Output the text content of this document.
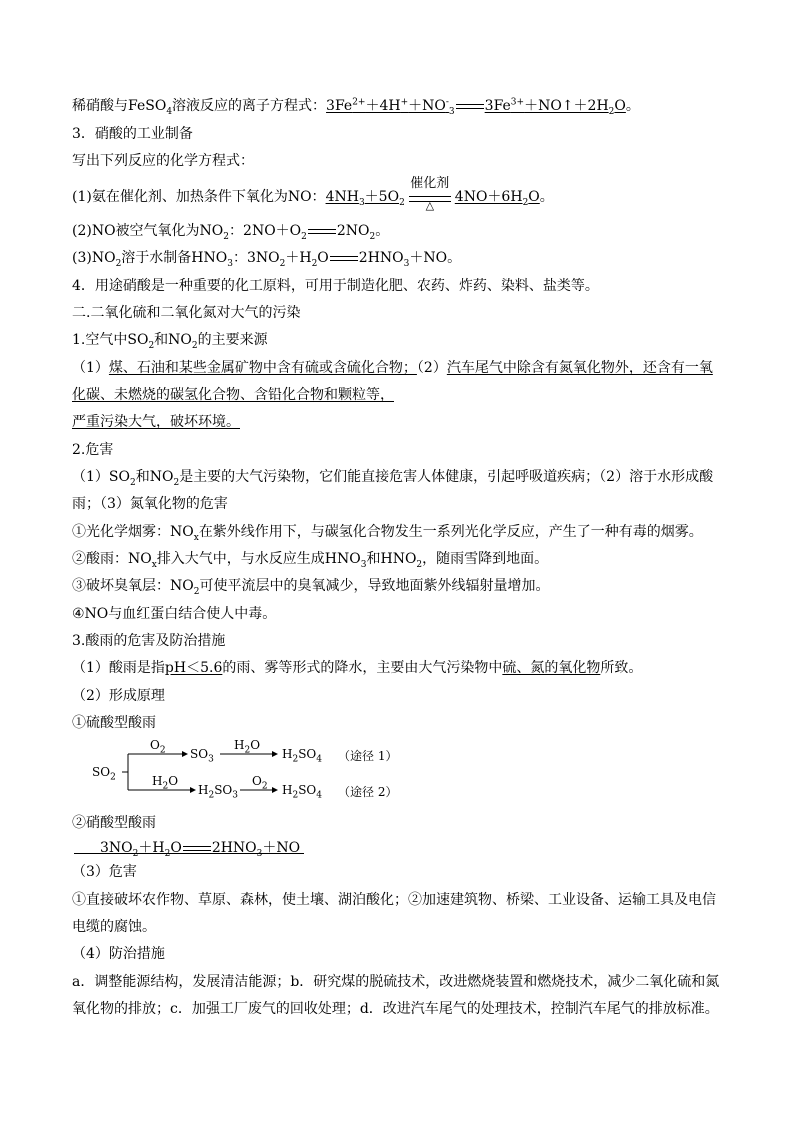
稀硝酸与FeSO$_4$溶液反应的离子方程式：$3Fe^{2+}+4H^++NO^-_3$ $3Fe^{3+}+NO↑+2H_2O$。
3．硝酸的工业制备
写出下列反应的化学方程式：
(1)氨在催化剂、加热条件下氧化为NO：$4NH_3+5O_2$
催化剂
△
$4NO+6H_2O$。
(2)NO被空气氧化为$NO_2$：$2NO+O_2$ $2NO_2$。
$(3)NO_2$溶于水制备$HNO_3$：$3NO_2+H_2O$ $2HNO_3+NO$。
4．用途硝酸是一种重要的化工原料，可用于制造化肥、农药、炸药、染料、盐类等。
二.二氧化硫和二氧化氮对大气的污染
1.空气中$SO_2$和$NO_2$的主要来源
（1）煤、石油和某些金属矿物中含有硫或含硫化合物；（2）汽车尾气中除含有氮氧化物外，还含有一氧
化碳、未燃烧的碳氢化合物、含铅化合物和颗粒等，
严重污染大气，破坏环境。
2.危害
$(1)SO_2$和$NO_2$是主要的大气污染物，它们能直接危害人体健康，引起呼吸道疾病；（2）溶于水形成酸
雨；（3）氮氧化物的危害
①光化学烟雾：$NO_x$在紫外线作用下，与碳氢化合物发生一系列光化学反应，产生了一种有毒的烟雾。
②酸雨：$NO_x$排入大气中，与水反应生成$HNO_3$和$HNO_2$，随雨雪降到地面。
③破坏臭氧层：$NO_2$可使平流层中的臭氧减少，导致地面紫外线辐射量增加。
④NO与血红蛋白结合使人中毒。
3.酸雨的危害及防治措施
（1）酸雨是指pH＜5.6的雨、雾等形式的降水，主要由大气污染物中硫、氮的氧化物所致。
（2）形成原理
①硫酸型酸雨
$SO_2$
$O_2$ $SO_3$
$H_2O$
$H_2SO_4$ （途径 1）
$H_2O$
$H_2SO_3$
$O_2$ $H_2SO_4$ （途径 2）
②硝酸型酸雨
$3NO_2+H_2O$ $2HNO_3+NO$
（3）危害
①直接破坏农作物、草原、森林，使土壤、湖泊酸化；②加速建筑物、桥梁、工业设备、运输工具及电信
电缆的腐蚀。
（4）防治措施
a．调整能源结构，发展清洁能源；b．研究煤的脱硫技术，改进燃烧装置和燃烧技术，减少二氧化硫和氮
氧化物的排放；c．加强工厂废气的回收处理；d．改进汽车尾气的处理技术，控制汽车尾气的排放标准。
